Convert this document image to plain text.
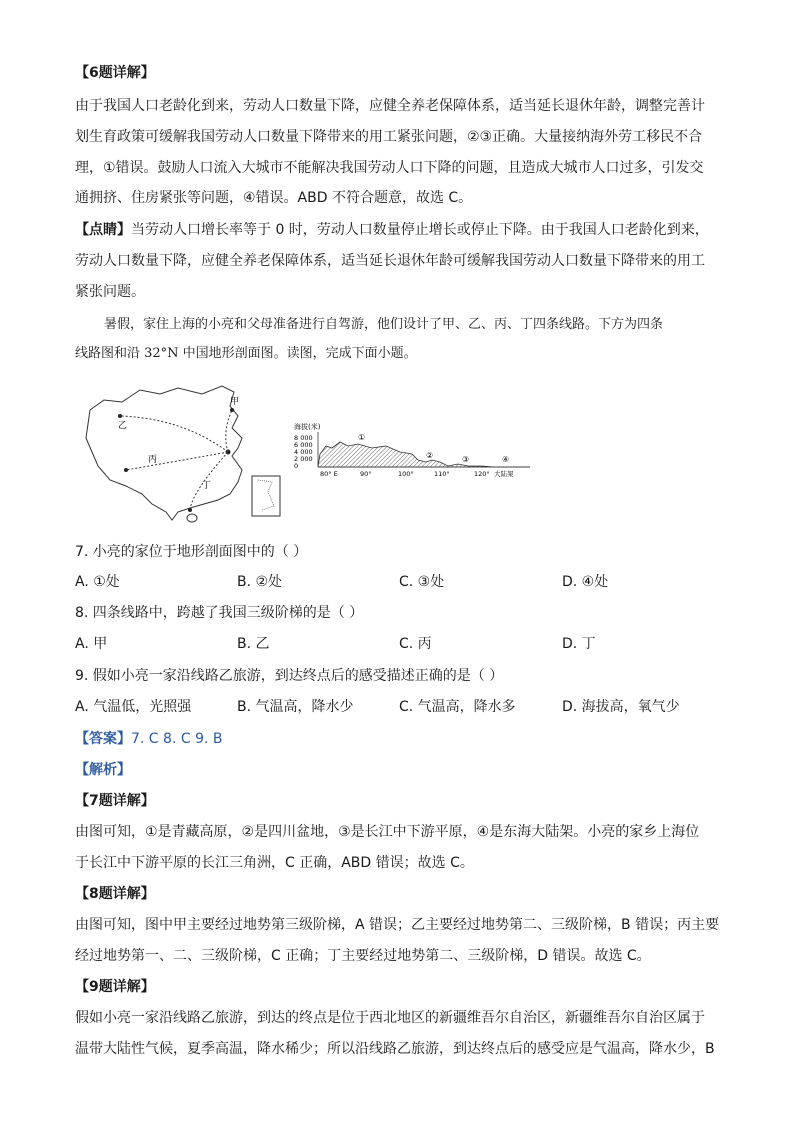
【6题详解】
由于我国人口老龄化到来，劳动人口数量下降，应健全养老保障体系，适当延长退休年龄，调整完善计
划生育政策可缓解我国劳动人口数量下降带来的用工紧张问题，②③正确。大量接纳海外劳工移民不合
理，①错误。鼓励人口流入大城市不能解决我国劳动人口下降的问题，且造成大城市人口过多，引发交
通拥挤、住房紧张等问题，④错误。ABD 不符合题意，故选 C。
【点睛】当劳动人口增长率等于 0 时，劳动人口数量停止增长或停止下降。由于我国人口老龄化到来，
劳动人口数量下降，应健全养老保障体系，适当延长退休年龄可缓解我国劳动人口数量下降带来的用工
紧张问题。
暑假，家住上海的小亮和父母准备进行自驾游，他们设计了甲、乙、丙、丁四条线路。下方为四条
线路图和沿 32°N 中国地形剖面图。读图，完成下面小题。
甲
乙
丙
丁
海拔(米)
8 000
6 000
4 000
2 000
0
①
②	③	④
80° E	90°	100°	110°	120° 大陆架
7. 小亮的家位于地形剖面图中的（ ）
A. ①处	B. ②处	C. ③处	D. ④处
8. 四条线路中，跨越了我国三级阶梯的是（ ）
A. 甲	B. 乙	C. 丙	D. 丁
9. 假如小亮一家沿线路乙旅游，到达终点后的感受描述正确的是（ ）
A. 气温低，光照强	B. 气温高，降水少	C. 气温高，降水多	D. 海拔高，氧气少
【答案】7. C 8. C 9. B
【解析】
【7题详解】
由图可知，①是青藏高原，②是四川盆地，③是长江中下游平原，④是东海大陆架。小亮的家乡上海位
于长江中下游平原的长江三角洲，C 正确，ABD 错误；故选 C。
【8题详解】
由图可知，图中甲主要经过地势第三级阶梯，A 错误；乙主要经过地势第二、三级阶梯，B 错误；丙主要
经过地势第一、二、三级阶梯，C 正确；丁主要经过地势第二、三级阶梯，D 错误。故选 C。
【9题详解】
假如小亮一家沿线路乙旅游，到达的终点是位于西北地区的新疆维吾尔自治区，新疆维吾尔自治区属于
温带大陆性气候，夏季高温，降水稀少；所以沿线路乙旅游，到达终点后的感受应是气温高，降水少，B
